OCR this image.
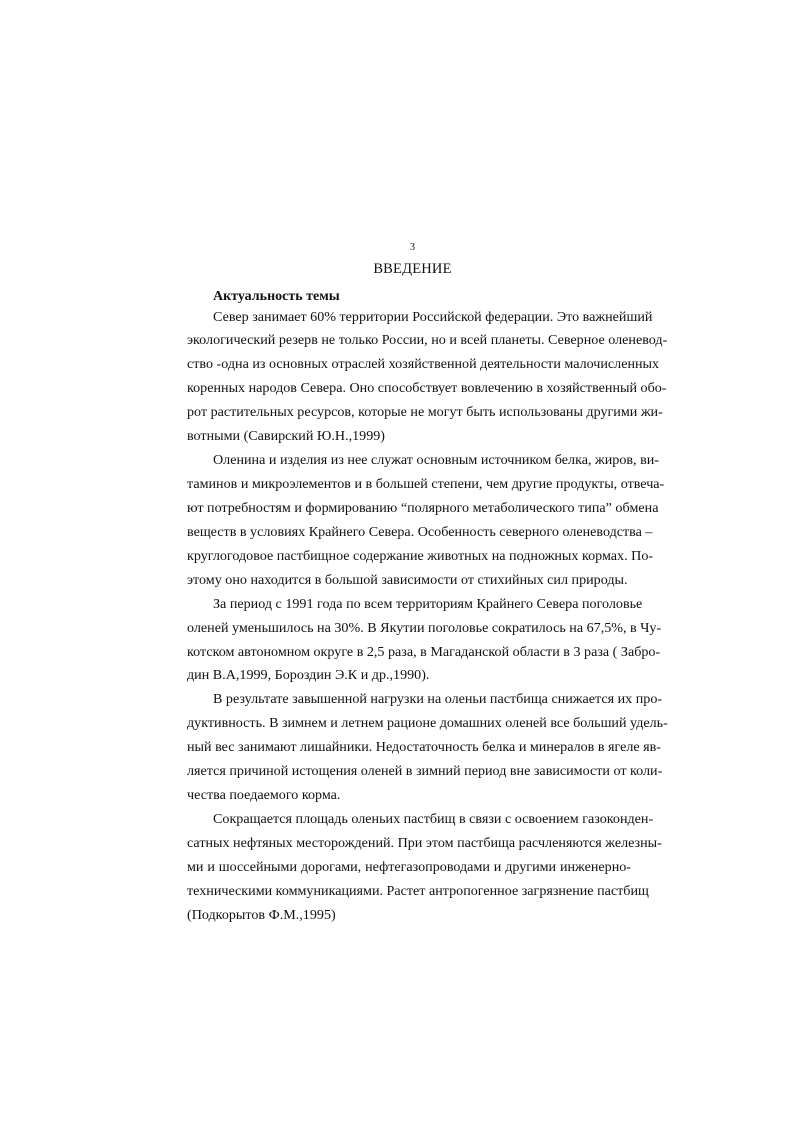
3
ВВЕДЕНИЕ
Актуальность темы
Север занимает 60% территории Российской федерации. Это важнейший
экологический резерв не только России, но и всей планеты. Северное оленевод-
ство -одна из основных отраслей хозяйственной деятельности малочисленных
коренных народов Севера. Оно способствует вовлечению в хозяйственный обо-
рот растительных ресурсов, которые не могут быть использованы другими жи-
вотными (Савирский Ю.Н.,1999)
Оленина и изделия из нее служат основным источником белка, жиров, ви-
таминов и микроэлементов и в большей степени, чем другие продукты, отвеча-
ют потребностям и формированию “полярного метаболического типа” обмена
веществ в условиях Крайнего Севера. Особенность северного оленеводства –
круглогодовое пастбищное содержание животных на подножных кормах. По-
этому оно находится в большой зависимости от стихийных сил природы.
За период с 1991 года по всем территориям Крайнего Севера поголовье
оленей уменьшилось на 30%. В Якутии поголовье сократилось на 67,5%, в Чу-
котском автономном округе в 2,5 раза, в Магаданской области в 3 раза ( Забро-
дин В.А,1999, Бороздин Э.К и др.,1990).
В результате завышенной нагрузки на оленьи пастбища снижается их про-
дуктивность. В зимнем и летнем рационе домашних оленей все больший удель-
ный вес занимают лишайники. Недостаточность белка и минералов в ягеле яв-
ляется причиной истощения оленей в зимний период вне зависимости от коли-
чества поедаемого корма.
Сокращается площадь оленьих пастбищ в связи с освоением газоконден-
сатных нефтяных месторождений. При этом пастбища расчленяются железны-
ми и шоссейными дорогами, нефтегазопроводами и другими инженерно-
техническими коммуникациями. Растет антропогенное загрязнение пастбищ
(Подкорытов Ф.М.,1995)
